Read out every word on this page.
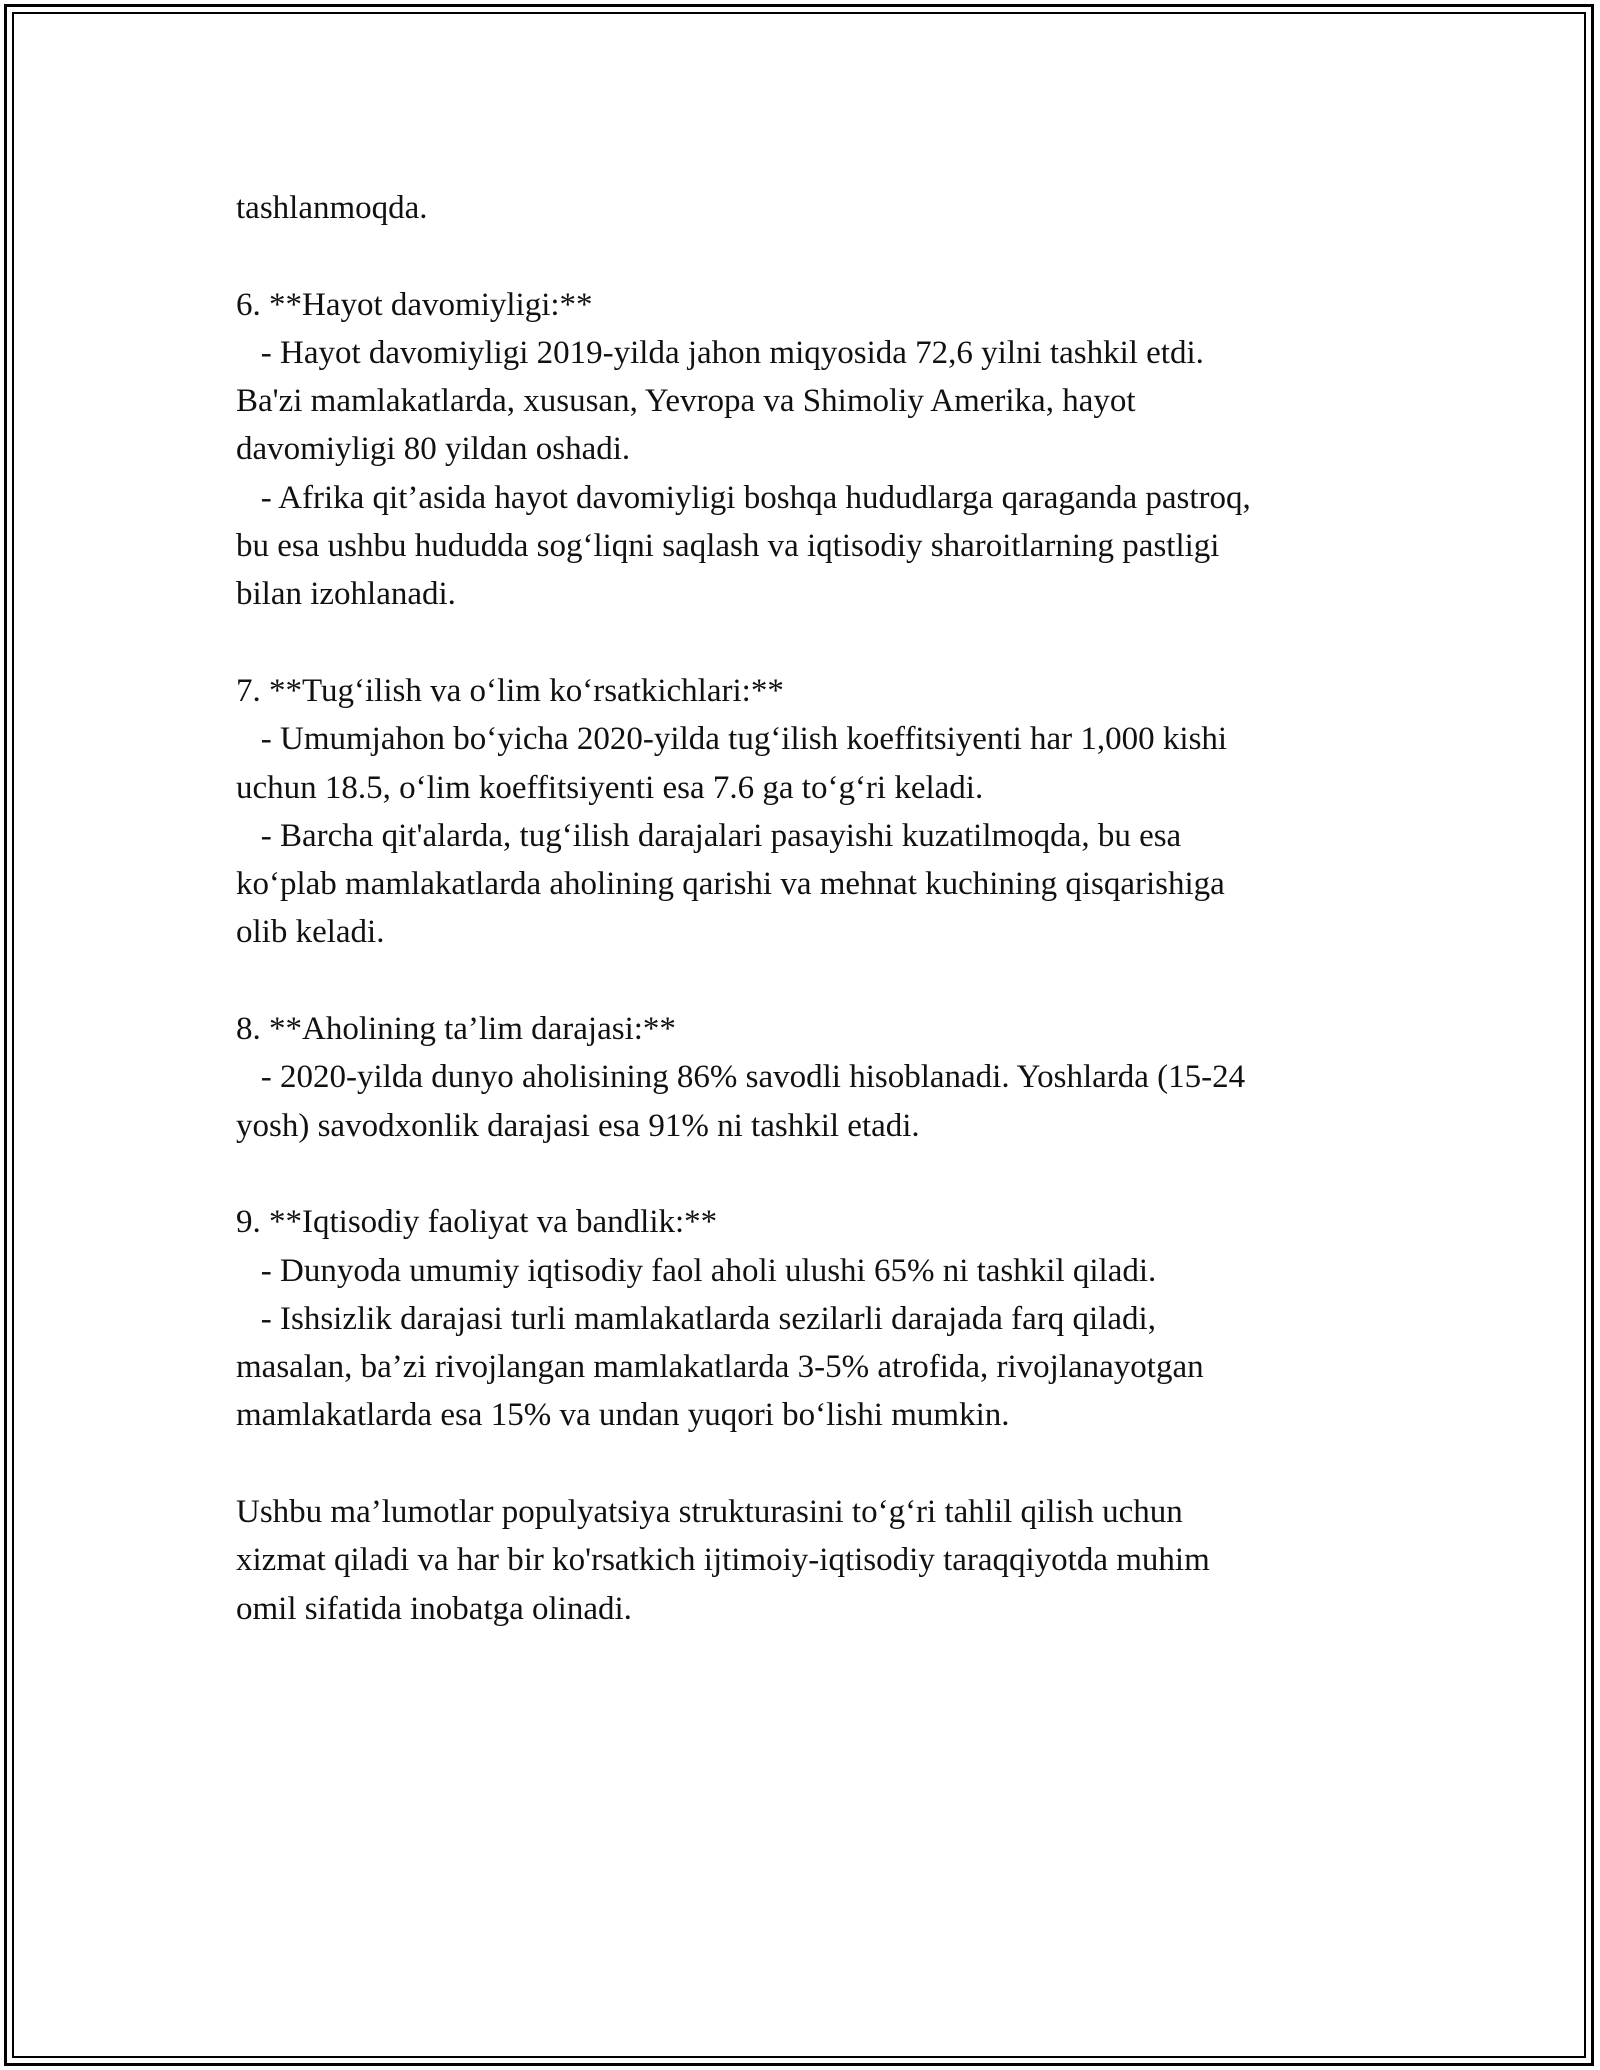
tashlanmoqda.
6. **Hayot davomiyligi:**
- Hayot davomiyligi 2019-yilda jahon miqyosida 72,6 yilni tashkil etdi.
Ba'zi mamlakatlarda, xususan, Yevropa va Shimoliy Amerika, hayot
davomiyligi 80 yildan oshadi.
- Afrika qit’asida hayot davomiyligi boshqa hududlarga qaraganda pastroq,
bu esa ushbu hududda sog‘liqni saqlash va iqtisodiy sharoitlarning pastligi
bilan izohlanadi.
7. **Tug‘ilish va o‘lim ko‘rsatkichlari:**
- Umumjahon bo‘yicha 2020-yilda tug‘ilish koeffitsiyenti har 1,000 kishi
uchun 18.5, o‘lim koeffitsiyenti esa 7.6 ga to‘g‘ri keladi.
- Barcha qit'alarda, tug‘ilish darajalari pasayishi kuzatilmoqda, bu esa
ko‘plab mamlakatlarda aholining qarishi va mehnat kuchining qisqarishiga
olib keladi.
8. **Aholining ta’lim darajasi:**
- 2020-yilda dunyo aholisining 86% savodli hisoblanadi. Yoshlarda (15-24
yosh) savodxonlik darajasi esa 91% ni tashkil etadi.
9. **Iqtisodiy faoliyat va bandlik:**
- Dunyoda umumiy iqtisodiy faol aholi ulushi 65% ni tashkil qiladi.
- Ishsizlik darajasi turli mamlakatlarda sezilarli darajada farq qiladi,
masalan, ba’zi rivojlangan mamlakatlarda 3-5% atrofida, rivojlanayotgan
mamlakatlarda esa 15% va undan yuqori bo‘lishi mumkin.
Ushbu ma’lumotlar populyatsiya strukturasini to‘g‘ri tahlil qilish uchun
xizmat qiladi va har bir ko'rsatkich ijtimoiy-iqtisodiy taraqqiyotda muhim
omil sifatida inobatga olinadi.
